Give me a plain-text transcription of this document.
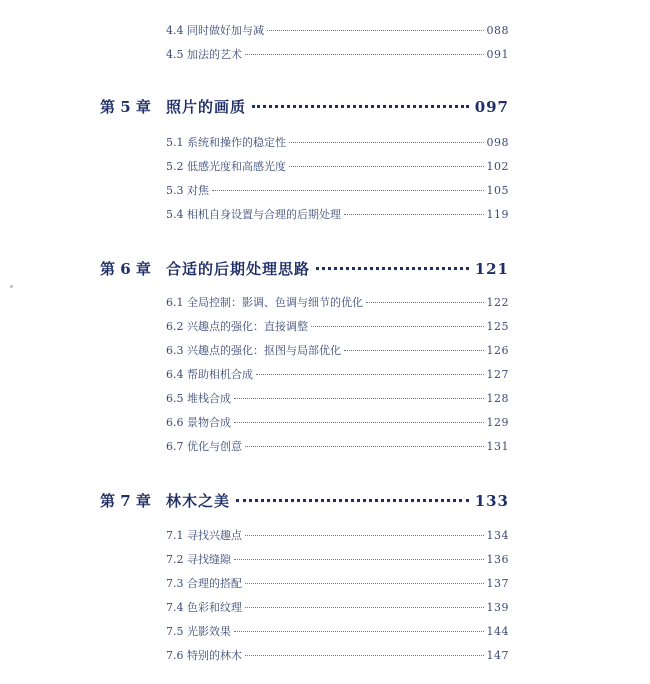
4.4 同时做好加与减	088
4.5 加法的艺术	091
第 5 章	照片的画质	097
5.1 系统和操作的稳定性	098
5.2 低感光度和高感光度	102
5.3 对焦	105
5.4 相机自身设置与合理的后期处理	119
第 6 章	合适的后期处理思路	121
6.1 全局控制：影调、色调与细节的优化	122
6.2 兴趣点的强化：直接调整	125
6.3 兴趣点的强化：抠图与局部优化	126
6.4 帮助相机合成	127
6.5 堆栈合成	128
6.6 景物合成	129
6.7 优化与创意	131
第 7 章	林木之美	133
7.1 寻找兴趣点	134
7.2 寻找缝隙	136
7.3 合理的搭配	137
7.4 色彩和纹理	139
7.5 光影效果	144
7.6 特别的林木	147
